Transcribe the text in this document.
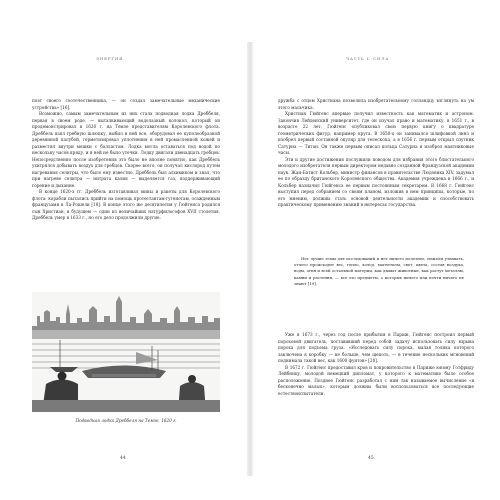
ЭНЕРГИЯ

поэт своего соотечественника, — он создал замечательные механические устройства» [16].

Возможно, самым замечательным из них стала подводная лодка Дреббеля, первая в своем роде, — выталкивающий водолазный колокол, который он продемонстрировал в 1620 г. на Темзе представителям Королевского флота. Дреббель взял гребную шлюпку, выбил в ней все, оборудовал ее куполообразной деревянной палубой, герметизировал уплотнения в ней промасленной кожей и разместил внутри мешки с балластом. Лодка могла оставаться под водой по нескольку часов кряду, и в ней не было утечки. Лодку двигали двенадцать гребцов. Непосредственно после изобретения это было не вполне понятно, как Дреббель ухитрялся добывать воздух для гребцов. Скорее всего, он получал кислород путем нагревания селитры, что было ему известно. Дреббель был алхимиком и знал, что при нагреве селитра — нитрата калия — выделяется газ, поддерживающий горение и дыхание.

В конце 1620-х гг. Дреббель изготавливал мины и ракеты для Королевского флота: корабли пытались прийти на помощь протестантам-гугенотам, осажденным французами в Ла-Рошели [18]. В конце этого же десятилетия у Гюйгенса родился сын Христиан, в будущем — один из величайших натурфилософов XVII столетия. Дреббель умер в 1633 г., но его дело продолжили другие.

Подводная лодка Дреббеля на Темзе, 1620 г.
44
ЧАСТЬ I. СИЛА

дружба с отцом Христиана позволила изобретательному голландцу взглянуть на ум этого мальчика.

Христиан Гюйгенс впервые получил известность как математик и астроном. Закончив Лейденский университет, где он изучал право и математику, в 1651 г., в возрасте 22 лет, Гюйгенс опубликовал свою первую книгу о квадратуре геометрических фигур, например круга. В 1650-х он занимался шлифовкой линз и изобрел первый составной окуляр для телескопа, а в 1656 г. первым открыл спутник Сатурна — Титан. Он также первым описал кольца Сатурна и изобрел маятниковые часы.

Эти и другие достижения послужили поводом для избрания этого блистательного молодого изобретателя первым директором недавно созданной Французской академии наук. Жан-Батист Кольбер, министр финансов в правительстве Людовика XIV, задумал ее по образцу британского Королевского общества. Академия учреждена в 1666 г., и Кольбер назначил Гюйгенса ее первым постоянным секретарем. В 1668 г. Гюйгенс выступил перед собранием со своим планом, изложив в нем принципы, которые, по его мнению, должны стать основой деятельности академии и способствовать практическому применению знаний в интересах государства.

Нет лучше темы для исследований и нет ничего полезнее, нежели узнавать, отчего происходит вес, тепло, холод, магнетизм, свет, цвета, состав воздуха, воды, огня и всей остальной материи, как дышат животные, как растут металлы, камни и растения, — все это предметы, о которых ничего или почти ничего не знают [19].

Уже в 1673 г., через год после прибытия в Париж, Гюйгенс построил первый пороховой двигатель, поставивший перед собой задачу использовать силу взрыва пороха для подъема груза. «Исследовать силу пороха, малая толика которого заключена в коробку — не больше, чем щепоть, — в течение нескольких мгновений поднимала такой вес, как 1600 фунтов» [20].

В 1672 г. Гюйгенс предоставил кров и покровительство в Париже юному Готфриду Лейбницу, молодой немецкий дипломат, у которого к математике было особое расположение. Позднее Гюйгенс разработал с ним так называемое вычисление «в бесконечно малых», которым должны были воспользоваться все последующие естествоиспытатели.

45
